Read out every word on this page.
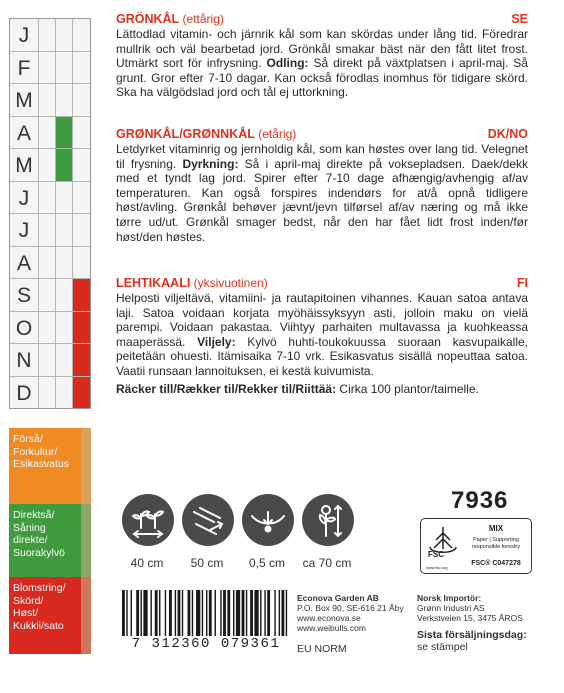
J
F
M
A
M
J
J
A
S
O
N
D
Förså/
Forkultur/
Esikasvatus
Direktså/
Såning
direkte/
Suorakylvö
Blomstring/
Skörd/
Høst/
Kukkii/sato
GRÖNKÅL (ettårig)	SE

Lättodlad vitamin- och järnrik kål som kan skördas under lång tid. Föredrar mullrik och väl bearbetad jord. Grönkål smakar bäst när den fått litet frost. Utmärkt sort för infrysning. Odling: Så direkt på växtplatsen i april-maj. Så grunt. Gror efter 7-10 dagar. Kan också förodlas inomhus för tidigare skörd. Ska ha välgödslad jord och tål ej uttorkning.

GRØNKÅL/GRØNNKÅL (etårig)	DK/NO

Letdyrket vitaminrig og jernholdig kål, som kan høstes over lang tid. Velegnet til frysning. Dyrkning: Så i april-maj direkte på voksepladsen. Daek/dekk med et tyndt lag jord. Spirer efter 7-10 dage afhængig/avhengig af/av temperaturen. Kan også forspires indendørs for at/å opnå tidligere høst/avling. Grønkål behøver jævnt/jevn tilførsel af/av næring og må ikke tørre ud/ut. Grønkål smager bedst, når den har fået lidt frost inden/før høst/den høstes.

LEHTIKAALI (yksivuotinen)	FI

Helposti viljeltävä, vitamiini- ja rautapitoinen vihannes. Kauan satoa antava laji. Satoa voidaan korjata myöhäissyksyyn asti, jolloin maku on vielä parempi. Voidaan pakastaa. Viihtyy parhaiten multavassa ja kuohkeassa maaperässä. Viljely: Kylvö huhti-toukokuussa suoraan kasvupaikalle, peitetään ohuesti. Itämisaika 7-10 vrk. Esikasvatus sisällä nopeuttaa satoa. Vaatii runsaan lannoituksen, ei kestä kuivumista.

Räcker till/Rækker til/Rekker til/Riittää: Cirka 100 plantor/taimelle.
40 cm	50 cm	0,5 cm	ca 70 cm
7936
FSC
MIX
Paper | Supporting
responsible forestry
FSC® C047278
www.fsc.org
7 312360 079361
Econova Garden AB
P.O. Box 90, SE-616 21 Åby
www.econova.se
www.weibulls.com
EU NORM
Norsk Importör:
Grønn Industri AS
Verkstveien 15, 3475 ÅROS
Sista försäljningsdag:
se stämpel
